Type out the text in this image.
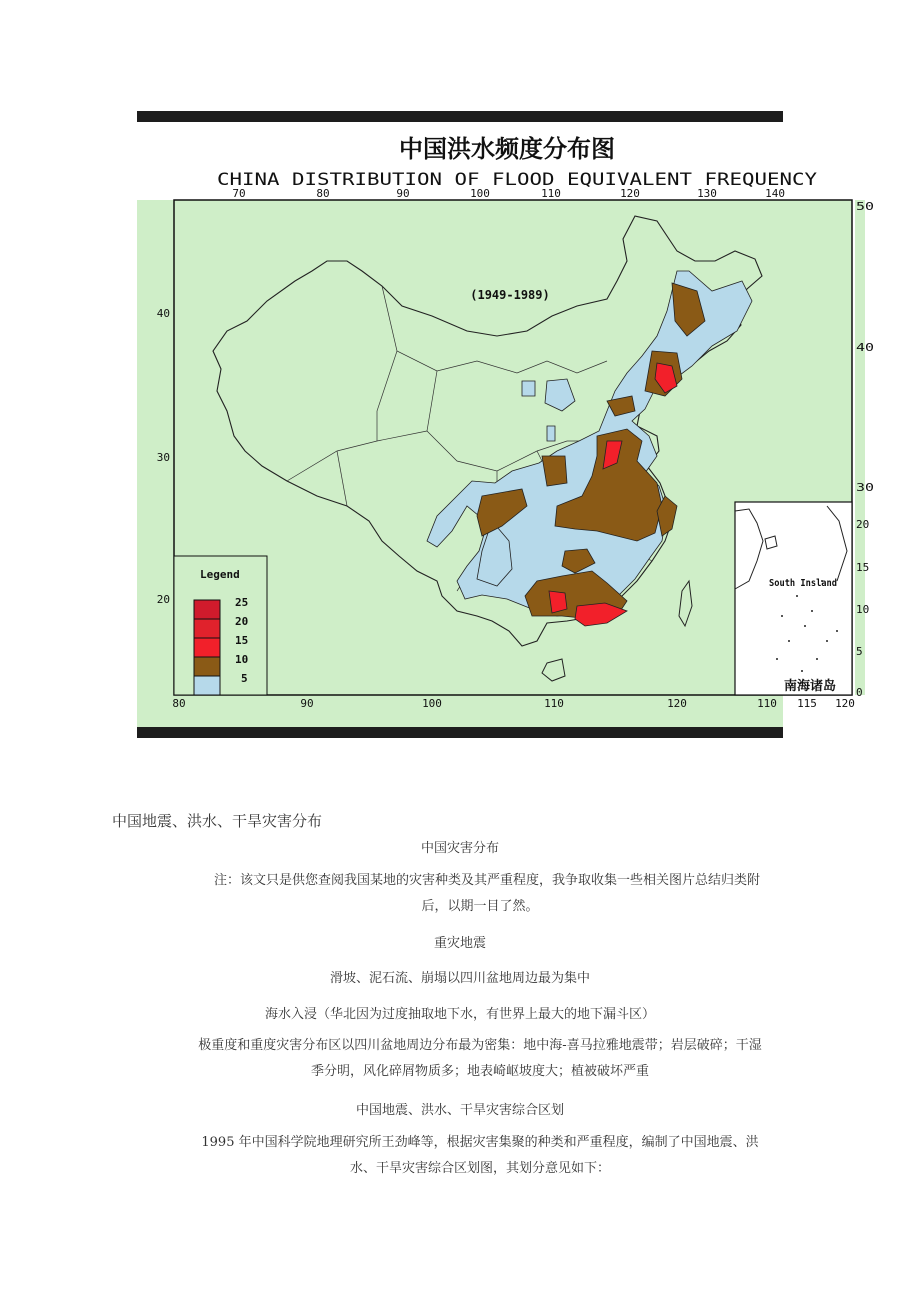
中国洪水频度分布图
CHINA DISTRIBUTION OF FLOOD EQUIVALENT FREQUENCY
70	80	90	100	110	120	130	140
(1949-1989)
40
30
20
50
40
30
Legend
25
20
15
10
5
South Insland
南海诸岛
20
15
10
5
0
80	90	100	110	120	110 115 120
中国地震、洪水、干旱灾害分布
中国灾害分布
注：该文只是供您查阅我国某地的灾害种类及其严重程度，我争取收集一些相关图片总结归类附
后，以期一目了然。
重灾地震
滑坡、泥石流、崩塌以四川盆地周边最为集中
海水入浸（华北因为过度抽取地下水，有世界上最大的地下漏斗区）
极重度和重度灾害分布区以四川盆地周边分布最为密集：地中海-喜马拉雅地震带；岩层破碎；干湿
季分明，风化碎屑物质多；地表崎岖坡度大；植被破坏严重
中国地震、洪水、干旱灾害综合区划
1995 年中国科学院地理研究所王劲峰等，根据灾害集聚的种类和严重程度，编制了中国地震、洪
水、干旱灾害综合区划图，其划分意见如下：
